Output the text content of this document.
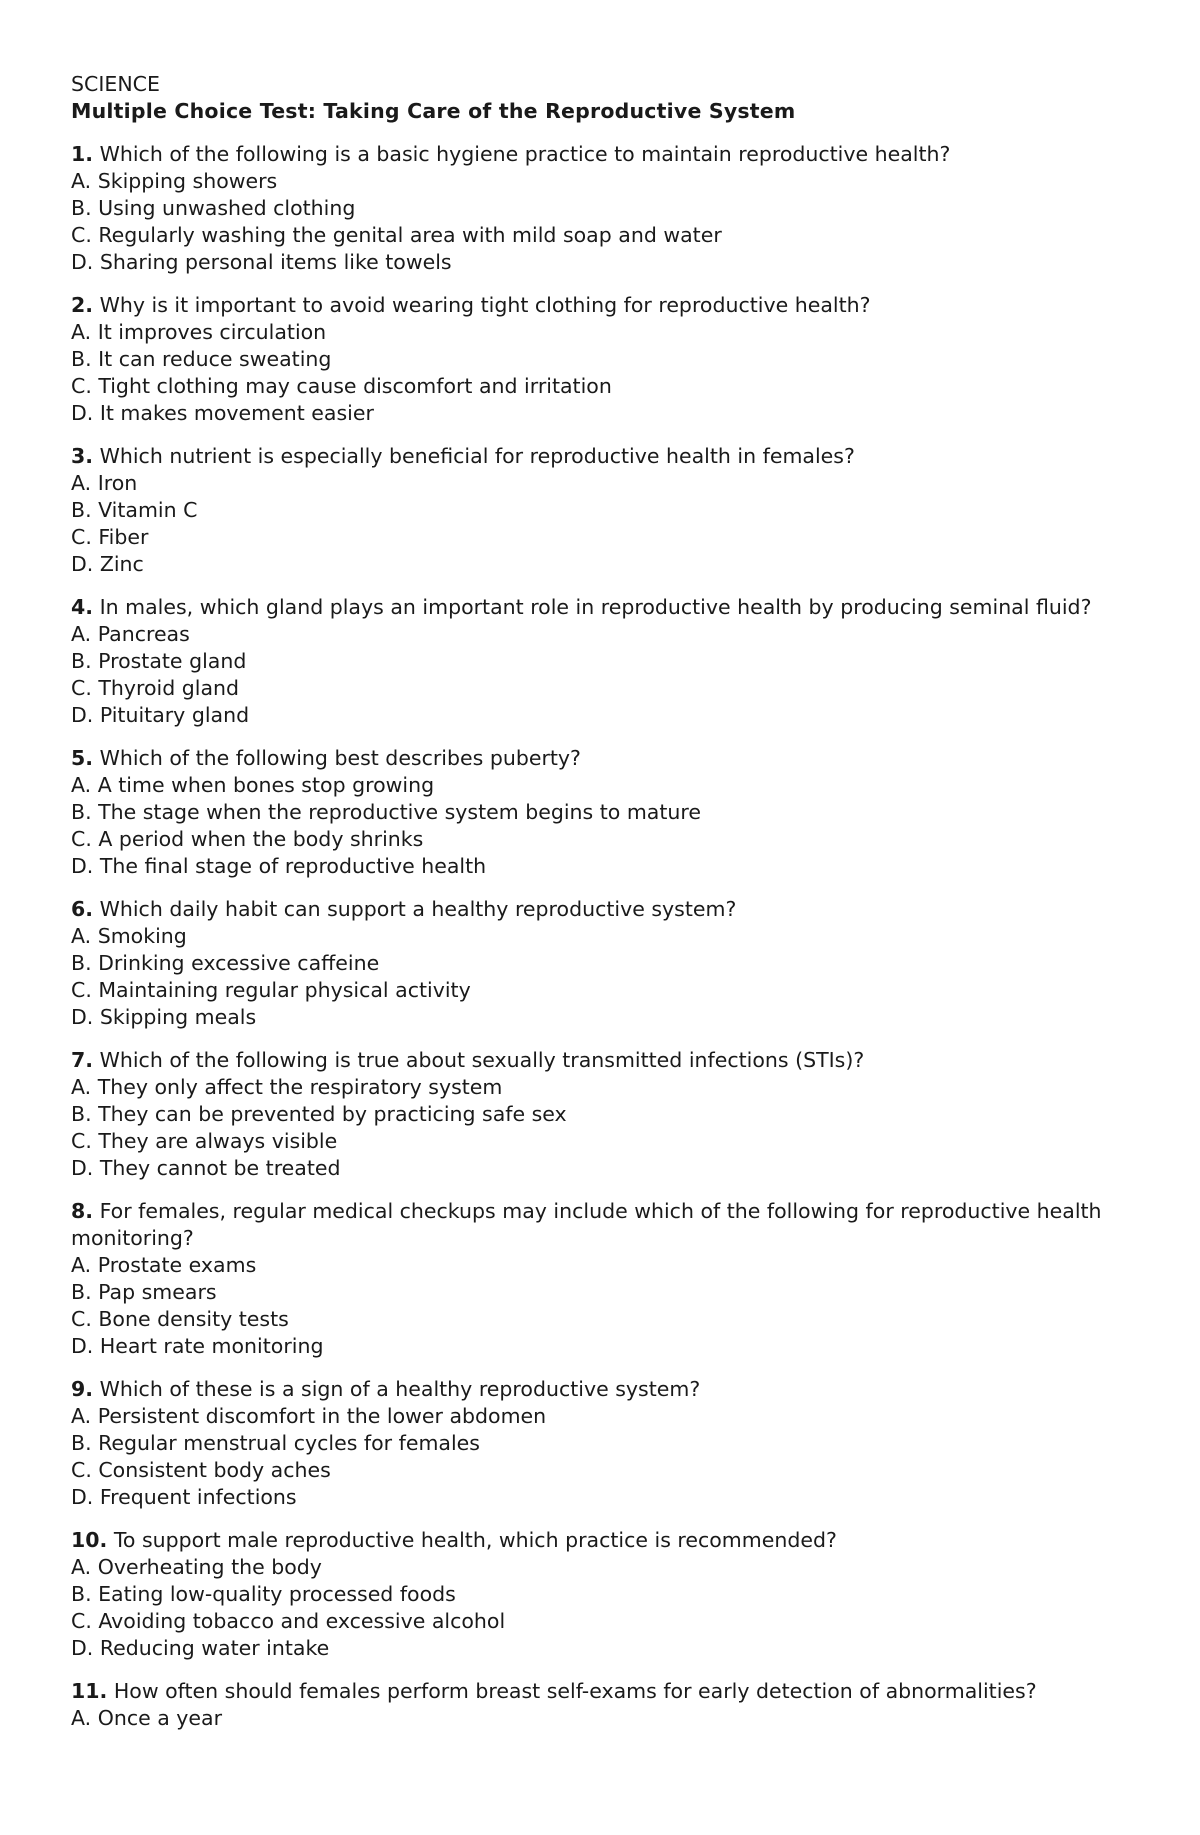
SCIENCE
Multiple Choice Test: Taking Care of the Reproductive System
1. Which of the following is a basic hygiene practice to maintain reproductive health?
A. Skipping showers
B. Using unwashed clothing
C. Regularly washing the genital area with mild soap and water
D. Sharing personal items like towels
2. Why is it important to avoid wearing tight clothing for reproductive health?
A. It improves circulation
B. It can reduce sweating
C. Tight clothing may cause discomfort and irritation
D. It makes movement easier
3. Which nutrient is especially beneficial for reproductive health in females?
A. Iron
B. Vitamin C
C. Fiber
D. Zinc
4. In males, which gland plays an important role in reproductive health by producing seminal fluid?
A. Pancreas
B. Prostate gland
C. Thyroid gland
D. Pituitary gland
5. Which of the following best describes puberty?
A. A time when bones stop growing
B. The stage when the reproductive system begins to mature
C. A period when the body shrinks
D. The final stage of reproductive health
6. Which daily habit can support a healthy reproductive system?
A. Smoking
B. Drinking excessive caffeine
C. Maintaining regular physical activity
D. Skipping meals
7. Which of the following is true about sexually transmitted infections (STIs)?
A. They only affect the respiratory system
B. They can be prevented by practicing safe sex
C. They are always visible
D. They cannot be treated
8. For females, regular medical checkups may include which of the following for reproductive health monitoring?
A. Prostate exams
B. Pap smears
C. Bone density tests
D. Heart rate monitoring
9. Which of these is a sign of a healthy reproductive system?
A. Persistent discomfort in the lower abdomen
B. Regular menstrual cycles for females
C. Consistent body aches
D. Frequent infections
10. To support male reproductive health, which practice is recommended?
A. Overheating the body
B. Eating low-quality processed foods
C. Avoiding tobacco and excessive alcohol
D. Reducing water intake
11. How often should females perform breast self-exams for early detection of abnormalities?
A. Once a year
